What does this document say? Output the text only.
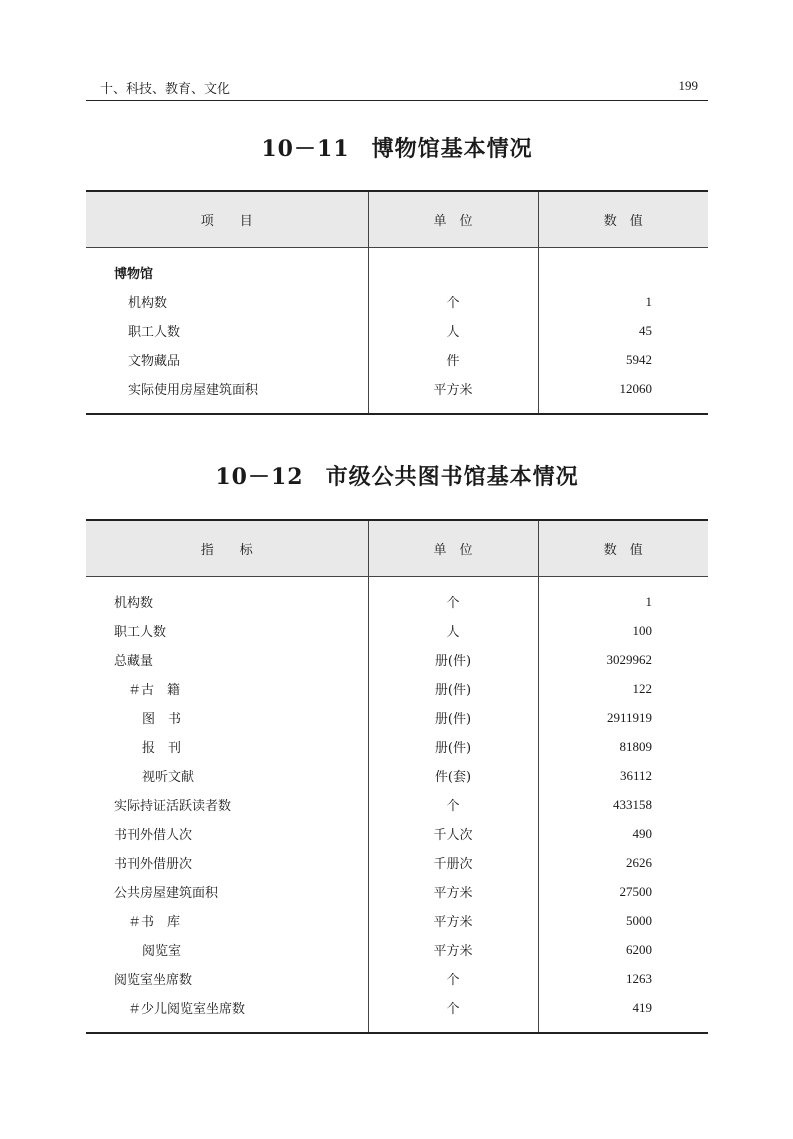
十、科技、教育、文化	199
10－11 博物馆基本情况
项　　目	单　位	数　值
博物馆		
机构数	个	1
职工人数	人	45
文物藏品	件	5942
实际使用房屋建筑面积	平方米	12060
10－12 市级公共图书馆基本情况
指　　标	单　位	数　值
机构数	个	1
职工人数	人	100
总藏量	册(件)	3029962
＃古　籍	册(件)	122
图　书	册(件)	2911919
报　刊	册(件)	81809
视听文献	件(套)	36112
实际持证活跃读者数	个	433158
书刊外借人次	千人次	490
书刊外借册次	千册次	2626
公共房屋建筑面积	平方米	27500
＃书　库	平方米	5000
阅览室	平方米	6200
阅览室坐席数	个	1263
＃少儿阅览室坐席数	个	419
